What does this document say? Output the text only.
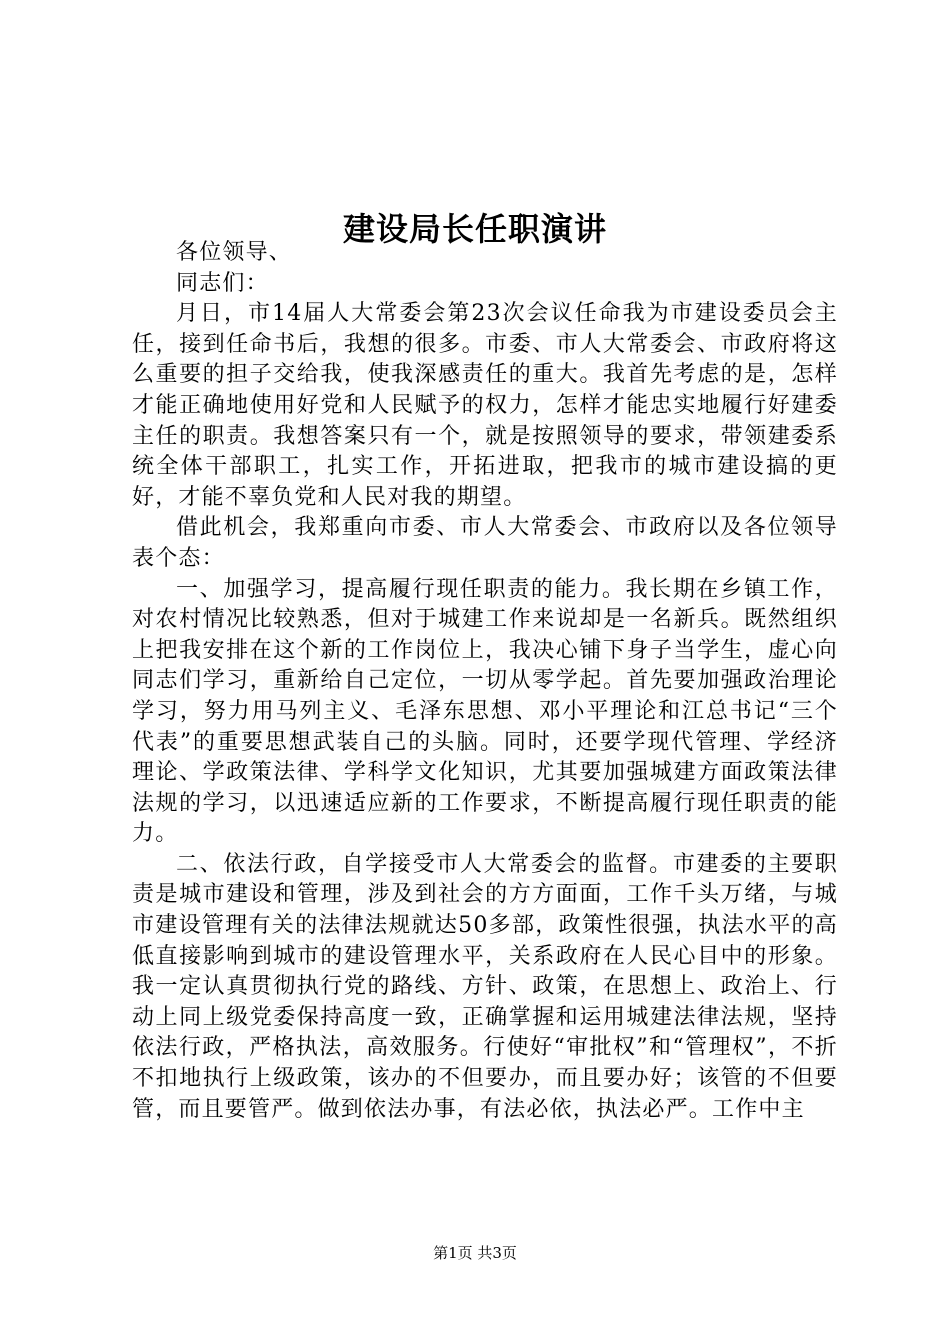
建设局长任职演讲

各位领导、

同志们：

月日，市14届人大常委会第23次会议任命我为市建设委员会主任，接到任命书后，我想的很多。市委、市人大常委会、市政府将这么重要的担子交给我，使我深感责任的重大。我首先考虑的是，怎样才能正确地使用好党和人民赋予的权力，怎样才能忠实地履行好建委主任的职责。我想答案只有一个，就是按照领导的要求，带领建委系统全体干部职工，扎实工作，开拓进取，把我市的城市建设搞的更好，才能不辜负党和人民对我的期望。

借此机会，我郑重向市委、市人大常委会、市政府以及各位领导表个态：

一、加强学习，提高履行现任职责的能力。我长期在乡镇工作，对农村情况比较熟悉，但对于城建工作来说却是一名新兵。既然组织上把我安排在这个新的工作岗位上，我决心铺下身子当学生，虚心向同志们学习，重新给自己定位，一切从零学起。首先要加强政治理论学习，努力用马列主义、毛泽东思想、邓小平理论和江总书记“三个代表”的重要思想武装自己的头脑。同时，还要学现代管理、学经济理论、学政策法律、学科学文化知识，尤其要加强城建方面政策法律法规的学习，以迅速适应新的工作要求，不断提高履行现任职责的能力。

二、依法行政，自学接受市人大常委会的监督。市建委的主要职责是城市建设和管理，涉及到社会的方方面面，工作千头万绪，与城市建设管理有关的法律法规就达50多部，政策性很强，执法水平的高低直接影响到城市的建设管理水平，关系政府在人民心目中的形象。我一定认真贯彻执行党的路线、方针、政策，在思想上、政治上、行动上同上级党委保持高度一致，正确掌握和运用城建法律法规，坚持依法行政，严格执法，高效服务。行使好“审批权”和“管理权”，不折不扣地执行上级政策，该办的不但要办，而且要办好；该管的不但要管，而且要管严。做到依法办事，有法必依，执法必严。工作中主

第1页 共3页
